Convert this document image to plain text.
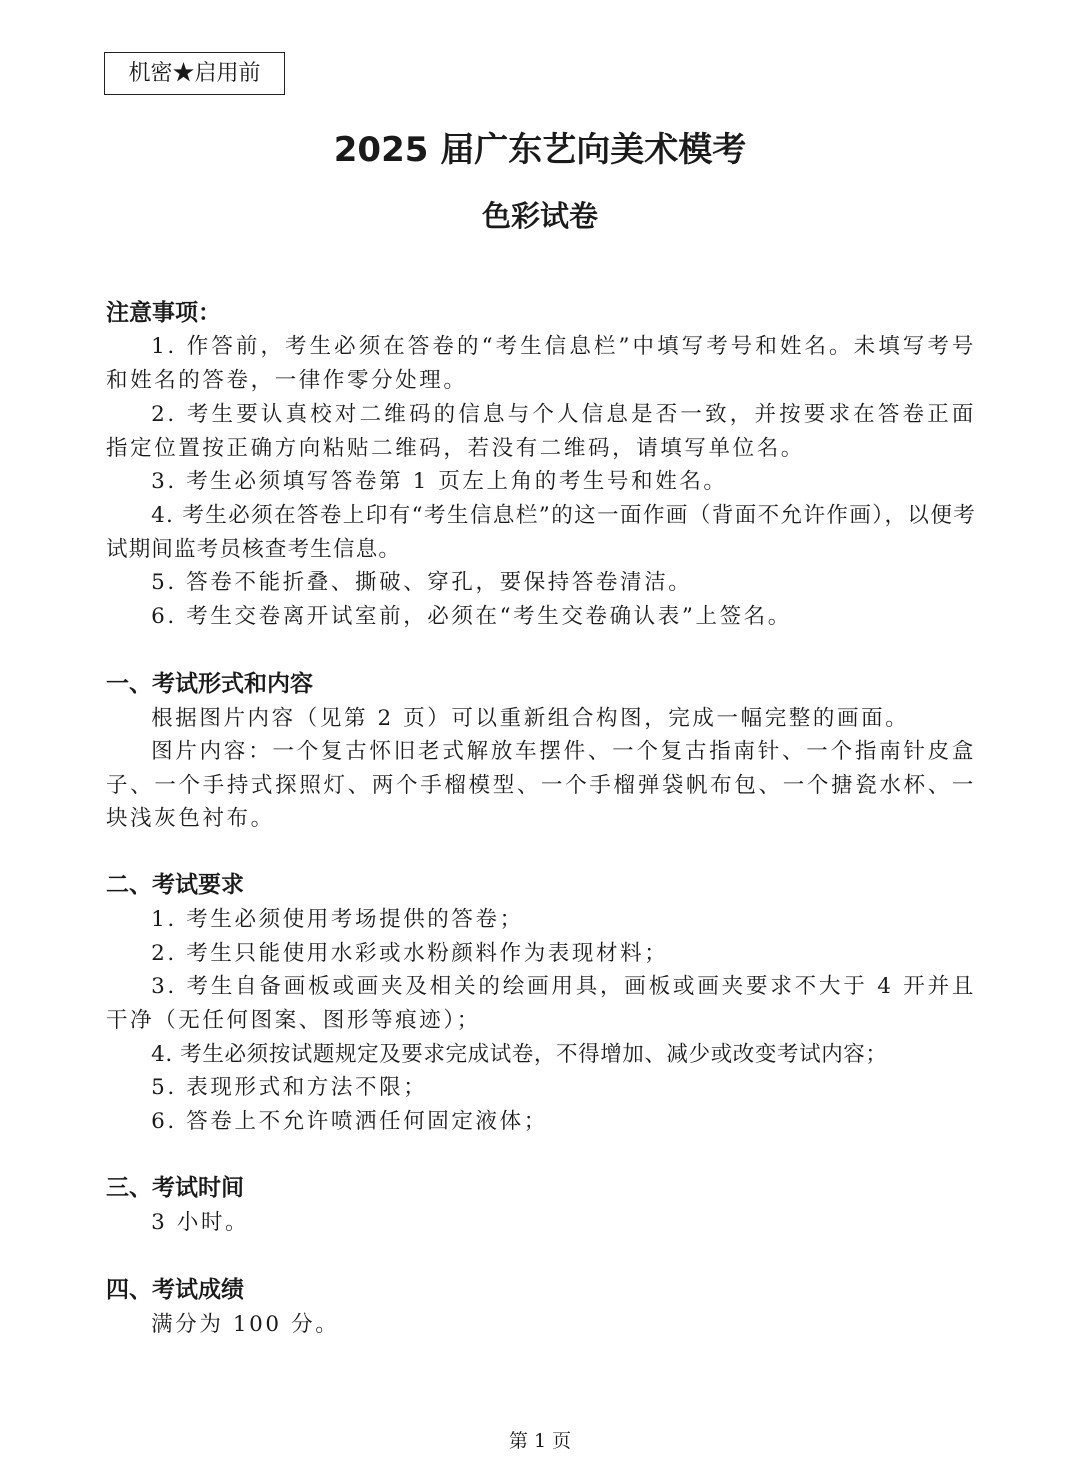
机密★启用前
2025 届广东艺向美术模考
色彩试卷
注意事项：

1. 作答前，考生必须在答卷的“考生信息栏”中填写考号和姓名。未填写考号和姓名的答卷，一律作零分处理。

2. 考生要认真校对二维码的信息与个人信息是否一致，并按要求在答卷正面指定位置按正确方向粘贴二维码，若没有二维码，请填写单位名。

3. 考生必须填写答卷第 1 页左上角的考生号和姓名。

4. 考生必须在答卷上印有“考生信息栏”的这一面作画（背面不允许作画），以便考试期间监考员核查考生信息。

5. 答卷不能折叠、撕破、穿孔，要保持答卷清洁。

6. 考生交卷离开试室前，必须在“考生交卷确认表”上签名。

一、考试形式和内容

根据图片内容（见第 2 页）可以重新组合构图，完成一幅完整的画面。

图片内容：一个复古怀旧老式解放车摆件、一个复古指南针、一个指南针皮盒子、一个手持式探照灯、两个手榴模型、一个手榴弹袋帆布包、一个搪瓷水杯、一块浅灰色衬布。

二、考试要求

1. 考生必须使用考场提供的答卷；

2. 考生只能使用水彩或水粉颜料作为表现材料；

3. 考生自备画板或画夹及相关的绘画用具，画板或画夹要求不大于 4 开并且干净（无任何图案、图形等痕迹）；

4. 考生必须按试题规定及要求完成试卷，不得增加、减少或改变考试内容；

5. 表现形式和方法不限；

6. 答卷上不允许喷洒任何固定液体；

三、考试时间

3 小时。

四、考试成绩

满分为 100 分。

第 1 页
